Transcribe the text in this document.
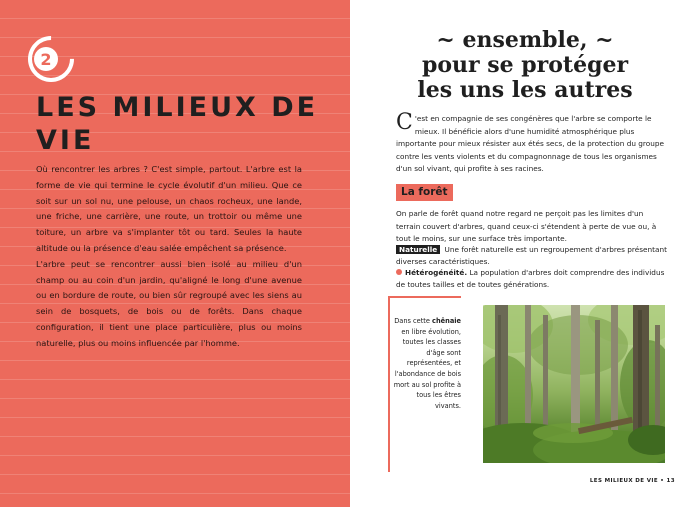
2
LES MILIEUX DE VIE

Où rencontrer les arbres ? C'est simple, partout. L'arbre est la forme de vie qui termine le cycle évolutif d'un milieu. Que ce soit sur un sol nu, une pelouse, un chaos rocheux, une lande, une friche, une carrière, une route, un trottoir ou même une toiture, un arbre va s'implanter tôt ou tard. Seules la haute altitude ou la présence d'eau salée empêchent sa présence.

L'arbre peut se rencontrer aussi bien isolé au milieu d'un champ ou au coin d'un jardin, qu'aligné le long d'une avenue ou en bordure de route, ou bien sûr regroupé avec les siens au sein de bosquets, de bois ou de forêts. Dans chaque configuration, il tient une place particulière, plus ou moins naturelle, plus ou moins influencée par l'homme.

~ ensemble, ~
pour se protéger
les uns les autres
C 'est en compagnie de ses congénères que l'arbre se comporte le mieux. Il bénéficie alors d'une humidité atmosphérique plus importante pour mieux résister aux étés secs, de la protection du groupe contre les vents violents et du compagnonnage de tous les organismes d'un sol vivant, qui profite à ses racines.
La forêt
On parle de forêt quand notre regard ne perçoit pas les limites d'un terrain couvert d'arbres, quand ceux-ci s'étendent à perte de vue ou, à tout le moins, sur une surface très importante.
Naturelle Une forêt naturelle est un regroupement d'arbres présentant diverses caractéristiques.
Hétérogénéité. La population d'arbres doit comprendre des individus de toutes tailles et de toutes générations.
Dans cette chênaie en libre évolution, toutes les classes d'âge sont représentées, et l'abondance de bois mort au sol profite à tous les êtres vivants.
LES MILIEUX DE VIE • 13
